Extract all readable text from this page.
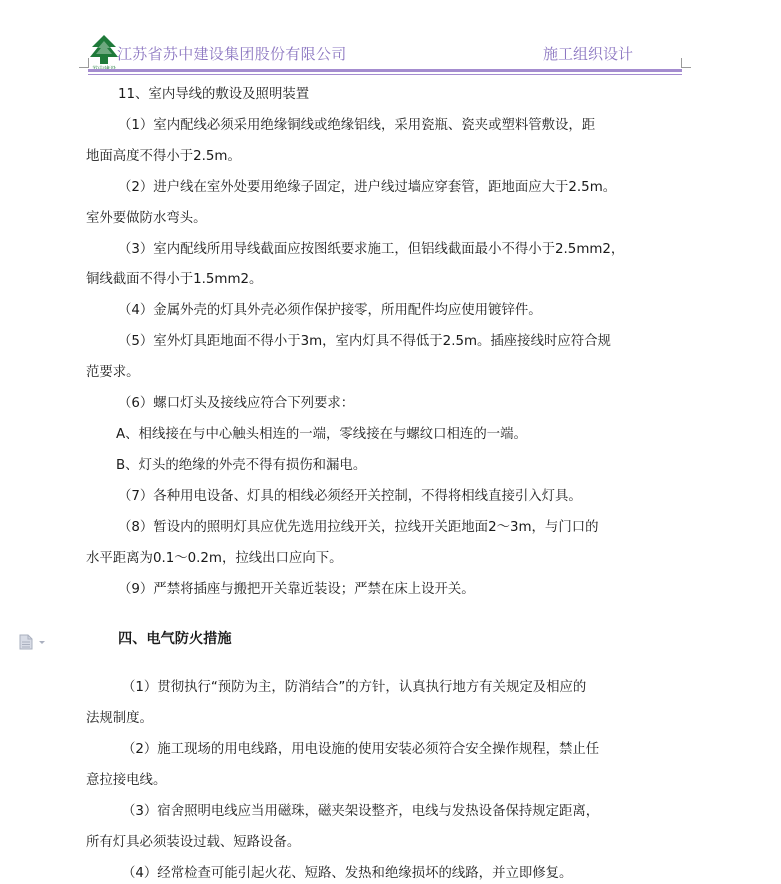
江苏省苏中建设集团股份有限公司	施工组织设计
11、室内导线的敷设及照明装置
（1）室内配线必须采用绝缘铜线或绝缘铝线，采用瓷瓶、瓷夹或塑料管敷设，距
地面高度不得小于2.5m。
（2）进户线在室外处要用绝缘子固定，进户线过墙应穿套管，距地面应大于2.5m。
室外要做防水弯头。
（3）室内配线所用导线截面应按图纸要求施工，但铝线截面最小不得小于2.5mm2，
铜线截面不得小于1.5mm2。
（4）金属外壳的灯具外壳必须作保护接零，所用配件均应使用镀锌件。
（5）室外灯具距地面不得小于3m，室内灯具不得低于2.5m。插座接线时应符合规
范要求。
（6）螺口灯头及接线应符合下列要求：
A、相线接在与中心触头相连的一端，零线接在与螺纹口相连的一端。
B、灯头的绝缘的外壳不得有损伤和漏电。
（7）各种用电设备、灯具的相线必须经开关控制，不得将相线直接引入灯具。
（8）暂设内的照明灯具应优先选用拉线开关，拉线开关距地面2～3m，与门口的
水平距离为0.1～0.2m，拉线出口应向下。
（9）严禁将插座与搬把开关靠近装设；严禁在床上设开关。
四、电气防火措施
（1）贯彻执行“预防为主，防消结合”的方针，认真执行地方有关规定及相应的
法规制度。
（2）施工现场的用电线路，用电设施的使用安装必须符合安全操作规程，禁止任
意拉接电线。
（3）宿舍照明电线应当用磁珠，磁夹架设整齐，电线与发热设备保持规定距离，
所有灯具必须装设过载、短路设备。
（4）经常检查可能引起火花、短路、发热和绝缘损坏的线路，并立即修复。
